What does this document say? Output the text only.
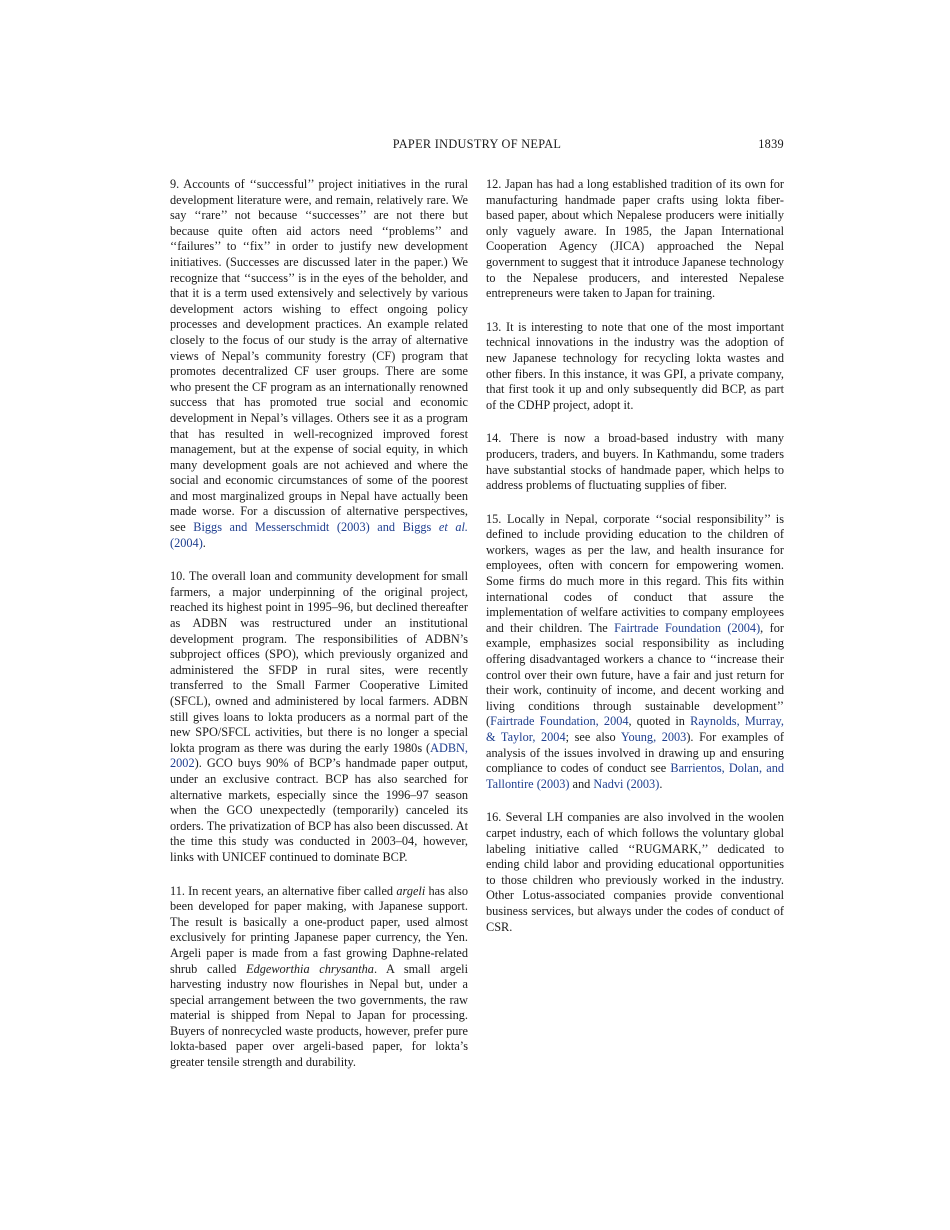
PAPER INDUSTRY OF NEPAL	1839

9. Accounts of ‘‘successful’’ project initiatives in the rural development literature were, and remain, relatively rare. We say ‘‘rare’’ not because ‘‘successes’’ are not there but because quite often aid actors need ‘‘problems’’ and ‘‘failures’’ to ‘‘fix’’ in order to justify new development initiatives. (Successes are discussed later in the paper.) We recognize that ‘‘success’’ is in the eyes of the beholder, and that it is a term used extensively and selectively by various development actors wishing to effect ongoing policy processes and development practices. An example related closely to the focus of our study is the array of alternative views of Nepal’s community forestry (CF) program that promotes decentralized CF user groups. There are some who present the CF program as an internationally renowned success that has promoted true social and economic development in Nepal’s villages. Others see it as a program that has resulted in well-recognized improved forest management, but at the expense of social equity, in which many development goals are not achieved and where the social and economic circumstances of some of the poorest and most marginalized groups in Nepal have actually been made worse. For a discussion of alternative perspectives, see Biggs and Messerschmidt (2003) and Biggs et al. (2004).

10. The overall loan and community development for small farmers, a major underpinning of the original project, reached its highest point in 1995–96, but declined thereafter as ADBN was restructured under an institutional development program. The responsibilities of ADBN’s subproject offices (SPO), which previously organized and administered the SFDP in rural sites, were recently transferred to the Small Farmer Cooperative Limited (SFCL), owned and administered by local farmers. ADBN still gives loans to lokta producers as a normal part of the new SPO/SFCL activities, but there is no longer a special lokta program as there was during the early 1980s (ADBN, 2002). GCO buys 90% of BCP’s handmade paper output, under an exclusive contract. BCP has also searched for alternative markets, especially since the 1996–97 season when the GCO unexpectedly (temporarily) canceled its orders. The privatization of BCP has also been discussed. At the time this study was conducted in 2003–04, however, links with UNICEF continued to dominate BCP.

11. In recent years, an alternative fiber called argeli has also been developed for paper making, with Japanese support. The result is basically a one-product paper, used almost exclusively for printing Japanese paper currency, the Yen. Argeli paper is made from a fast growing Daphne-related shrub called Edgeworthia chrysantha. A small argeli harvesting industry now flourishes in Nepal but, under a special arrangement between the two governments, the raw material is shipped from Nepal to Japan for processing. Buyers of nonrecycled waste products, however, prefer pure lokta-based paper over argeli-based paper, for lokta’s greater tensile strength and durability.

12. Japan has had a long established tradition of its own for manufacturing handmade paper crafts using lokta fiber-based paper, about which Nepalese producers were initially only vaguely aware. In 1985, the Japan International Cooperation Agency (JICA) approached the Nepal government to suggest that it introduce Japanese technology to the Nepalese producers, and interested Nepalese entrepreneurs were taken to Japan for training.

13. It is interesting to note that one of the most important technical innovations in the industry was the adoption of new Japanese technology for recycling lokta wastes and other fibers. In this instance, it was GPI, a private company, that first took it up and only subsequently did BCP, as part of the CDHP project, adopt it.

14. There is now a broad-based industry with many producers, traders, and buyers. In Kathmandu, some traders have substantial stocks of handmade paper, which helps to address problems of fluctuating supplies of fiber.

15. Locally in Nepal, corporate ‘‘social responsibility’’ is defined to include providing education to the children of workers, wages as per the law, and health insurance for employees, often with concern for empowering women. Some firms do much more in this regard. This fits within international codes of conduct that assure the implementation of welfare activities to company employees and their children. The Fairtrade Foundation (2004), for example, emphasizes social responsibility as including offering disadvantaged workers a chance to ‘‘increase their control over their own future, have a fair and just return for their work, continuity of income, and decent working and living conditions through sustainable development’’ (Fairtrade Foundation, 2004, quoted in Raynolds, Murray, & Taylor, 2004; see also Young, 2003). For examples of analysis of the issues involved in drawing up and ensuring compliance to codes of conduct see Barrientos, Dolan, and Tallontire (2003) and Nadvi (2003).

16. Several LH companies are also involved in the woolen carpet industry, each of which follows the voluntary global labeling initiative called ‘‘RUGMARK,’’ dedicated to ending child labor and providing educational opportunities to those children who previously worked in the industry. Other Lotus-associated companies provide conventional business services, but always under the codes of conduct of CSR.
